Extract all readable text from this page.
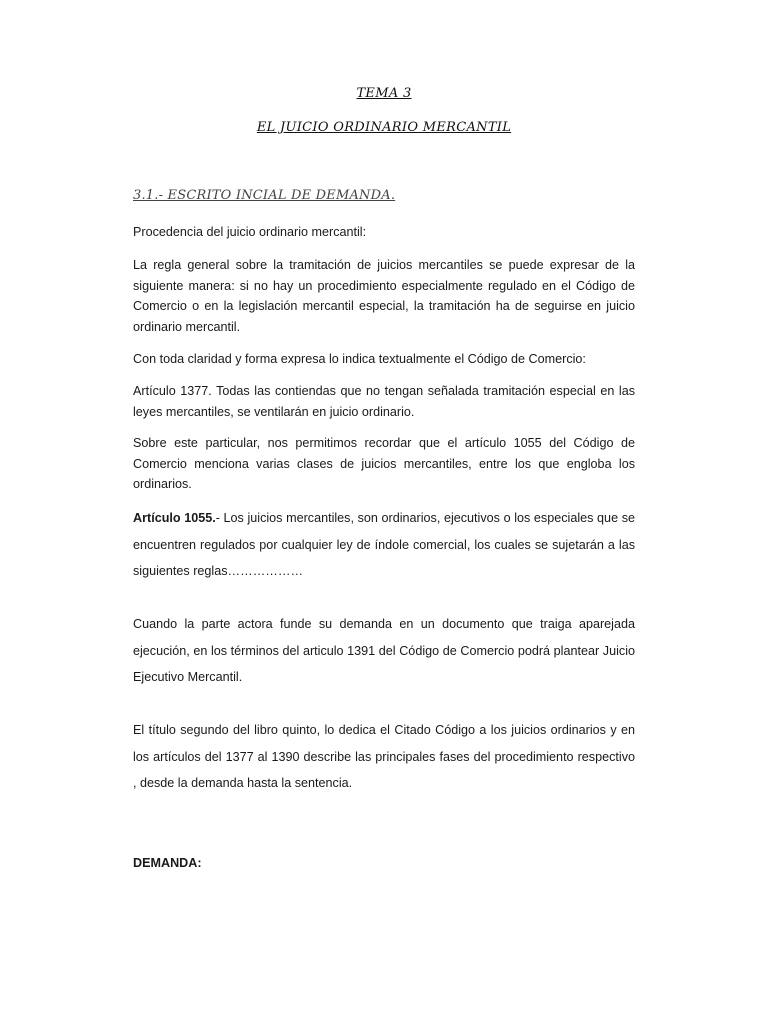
TEMA 3
EL JUICIO ORDINARIO MERCANTIL
3.1.- ESCRITO INCIAL DE DEMANDA.
Procedencia del juicio ordinario mercantil:
La regla general sobre la tramitación de juicios mercantiles se puede expresar de la siguiente manera: si no hay un procedimiento especialmente regulado en el Código de Comercio o en la legislación mercantil especial, la tramitación ha de seguirse en juicio ordinario mercantil.
Con toda claridad y forma expresa lo indica textualmente el Código de Comercio:
Artículo 1377. Todas las contiendas que no tengan señalada tramitación especial en las leyes mercantiles, se ventilarán en juicio ordinario.
Sobre este particular, nos permitimos recordar que el artículo 1055 del Código de Comercio menciona varias clases de juicios mercantiles, entre los que engloba los ordinarios.
Artículo 1055.- Los juicios mercantiles, son ordinarios, ejecutivos o los especiales que se encuentren regulados por cualquier ley de índole comercial, los cuales se sujetarán a las siguientes reglas………………
Cuando la parte actora funde su demanda en un documento que traiga aparejada ejecución, en los términos del articulo 1391 del Código de Comercio podrá plantear Juicio Ejecutivo Mercantil.
El título segundo del libro quinto, lo dedica el Citado Código a los juicios ordinarios y en los artículos del 1377 al 1390 describe las principales fases del procedimiento respectivo , desde la demanda hasta la sentencia.
DEMANDA:
